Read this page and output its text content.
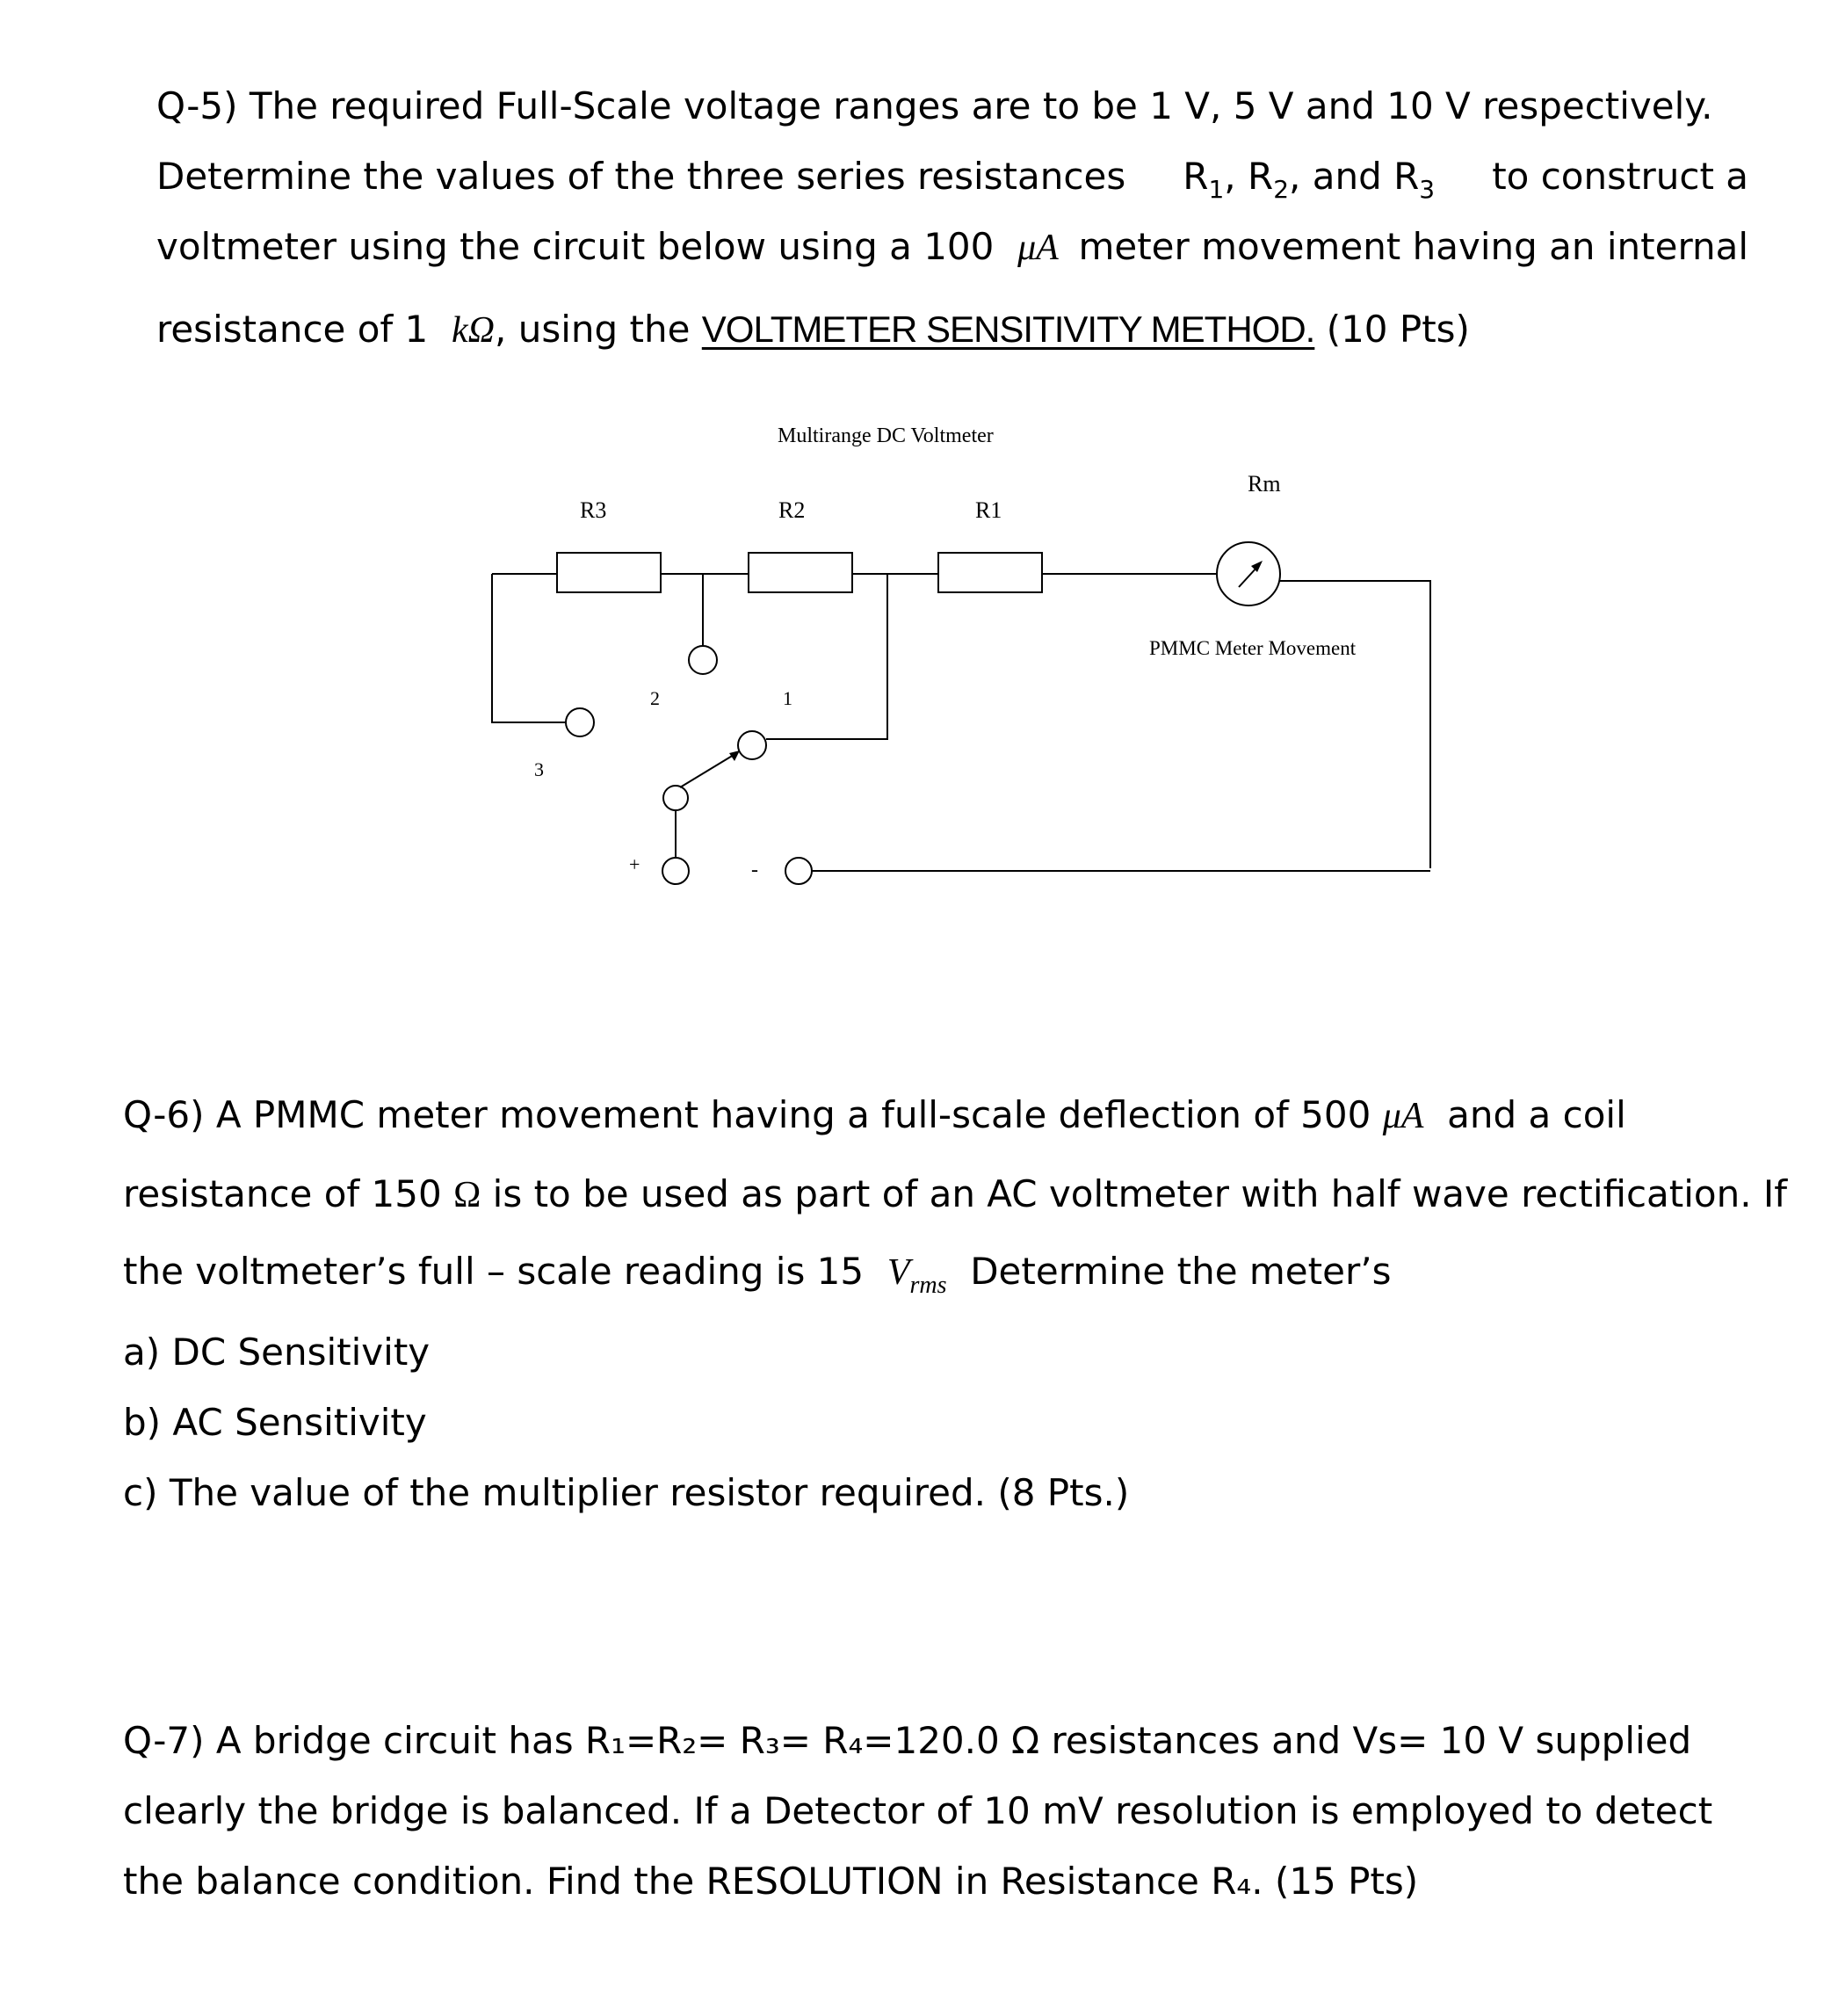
Q-5) The required Full-Scale voltage ranges are to be 1 V, 5 V and 10 V respectively.
Determine the values of the three series resistances $R_1$, $R_2$, and $R_3$ to construct a
voltmeter using the circuit below using a 100 μA meter movement having an internal
resistance of 1 kΩ, using the VOLTMETER SENSITIVITY METHOD. (10 Pts)
Multirange DC Voltmeter
R3	R2	R1
Rm
PMMC Meter Movement
3
2	1
+	-
Q-6) A PMMC meter movement having a full-scale deflection of 500 μA and a coil
resistance of 150 Ω is to be used as part of an AC voltmeter with half wave rectification. If
the voltmeter’s full – scale reading is 15 $V_{rms}$ Determine the meter’s
a) DC Sensitivity
b) AC Sensitivity
c) The value of the multiplier resistor required. (8 Pts.)
Q-7) A bridge circuit has R₁=R₂= R₃= R₄=120.0 Ω resistances and Vs= 10 V supplied
clearly the bridge is balanced. If a Detector of 10 mV resolution is employed to detect
the balance condition. Find the RESOLUTION in Resistance R₄. (15 Pts)
